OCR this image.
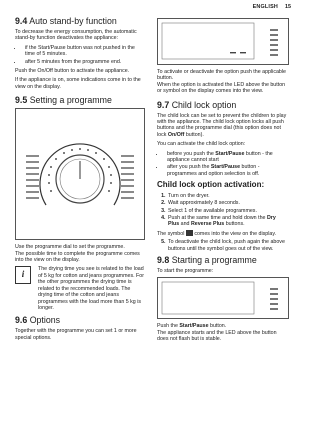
ENGLISH 15
9.4 Auto stand-by function

To decrease the energy consumption, the automatic stand-by function deactivates the appliance:

• if the Start/Pause button was not pushed in the time of 5 minutes.
• after 5 minutes from the programme end.

Push the On/Off button to activate the appliance.

If the appliance is on, some indications come in to the view on the display.

9.5 Setting a programme

Use the programme dial to set the programme.

The possible time to complete the programme comes into the view on the display.

i	The drying time you see is related to the load of 5 kg for cotton and jeans programmes. For the other programmes the drying time is related to the recommended loads. The drying time of the cotton and jeans programmes with the load more than 5 kg is longer.
9.6 Options

Together with the programme you can set 1 or more special options.

To activate or deactivate the option push the applicable button.

When the option is activated the LED above the button or symbol on the display comes into the view.

9.7 Child lock option

The child lock can be set to prevent the children to play with the appliance. The child lock option locks all push buttons and the programme dial (this option does not lock On/Off button).

You can activate the child lock option:

• before you push the Start/Pause button - the appliance cannot start
• after you push the Start/Pause button - programmes and option selection is off.
Child lock option activation:
1. Turn on the dryer.
2. Wait approximately 8 seconds.
3. Select 1 of the available programmes.
4. Push at the same time and hold down the Dry Plus and Reverse Plus buttons.

The symbol  comes into the view on the display.

5. To deactivate the child lock, push again the above buttons until the symbol goes out of the view.
9.8 Starting a programme

To start the programme:

Push the Start/Pause button.

The appliance starts and the LED above the button does not flash but is stable.
